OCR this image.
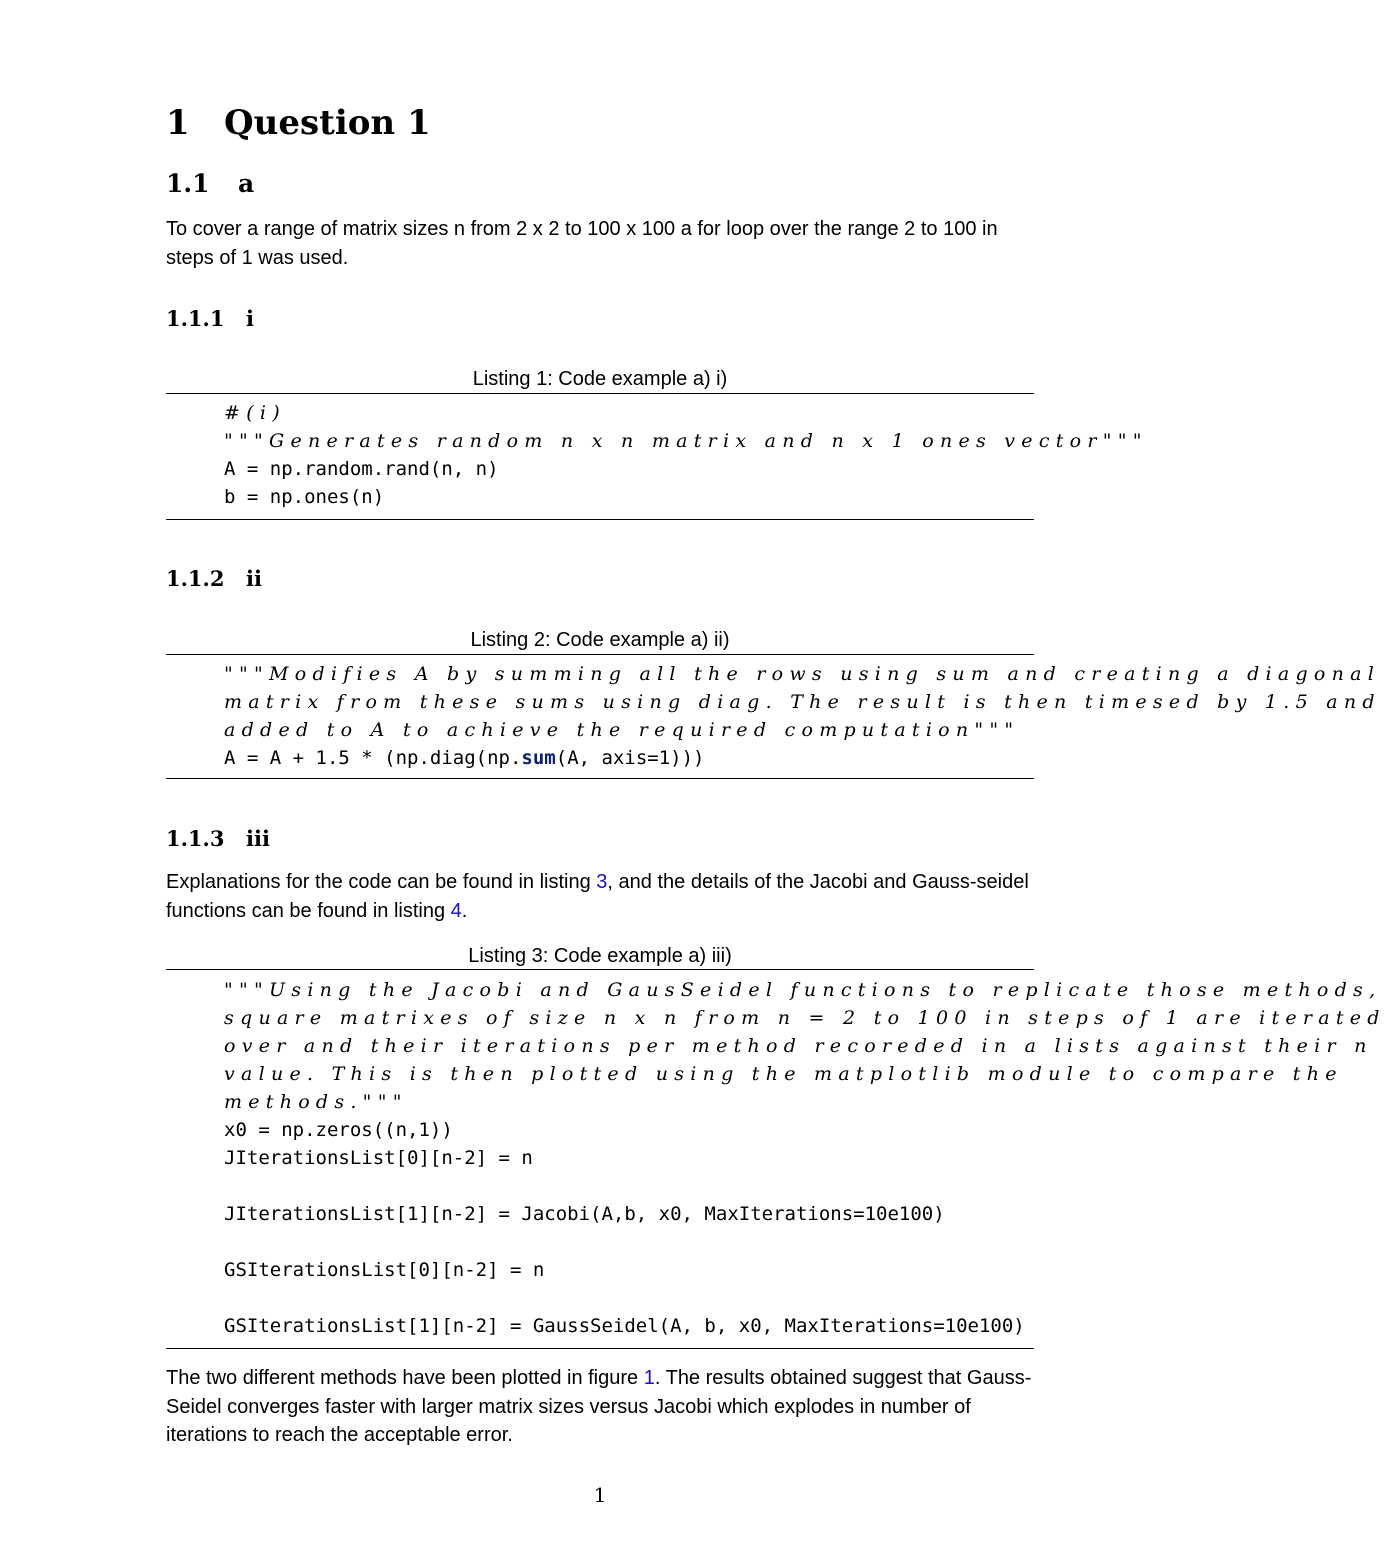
1 Question 1
1.1 a
To cover a range of matrix sizes n from 2 x 2 to 100 x 100 a for loop over the range 2 to 100 in steps of 1 was used.
1.1.1 i
Listing 1: Code example a) i)
#(i)
"""Generates random n x n matrix and n x 1 ones vector"""
A = np.random.rand(n, n)
b = np.ones(n)
1.1.2 ii
Listing 2: Code example a) ii)
"""Modifies A by summing all the rows using sum and creating a diagonal
matrix from these sums using diag. The result is then timesed by 1.5 and
added to A to achieve the required computation"""
A = A + 1.5 * (np.diag(np.sum(A, axis=1)))
1.1.3 iii
Explanations for the code can be found in listing 3, and the details of the Jacobi and Gauss-seidel functions can be found in listing 4.
Listing 3: Code example a) iii)
"""Using the Jacobi and GausSeidel functions to replicate those methods,
square matrixes of size n x n from n = 2 to 100 in steps of 1 are iterated
over and their iterations per method recoreded in a lists against their n
value. This is then plotted using the matplotlib module to compare the
methods."""
x0 = np.zeros((n,1))
JIterationsList[0][n-2] = n
JIterationsList[1][n-2] = Jacobi(A,b, x0, MaxIterations=10e100)
GSIterationsList[0][n-2] = n
GSIterationsList[1][n-2] = GaussSeidel(A, b, x0, MaxIterations=10e100)
The two different methods have been plotted in figure 1. The results obtained suggest that Gauss-Seidel converges faster with larger matrix sizes versus Jacobi which explodes in number of iterations to reach the acceptable error.
1
